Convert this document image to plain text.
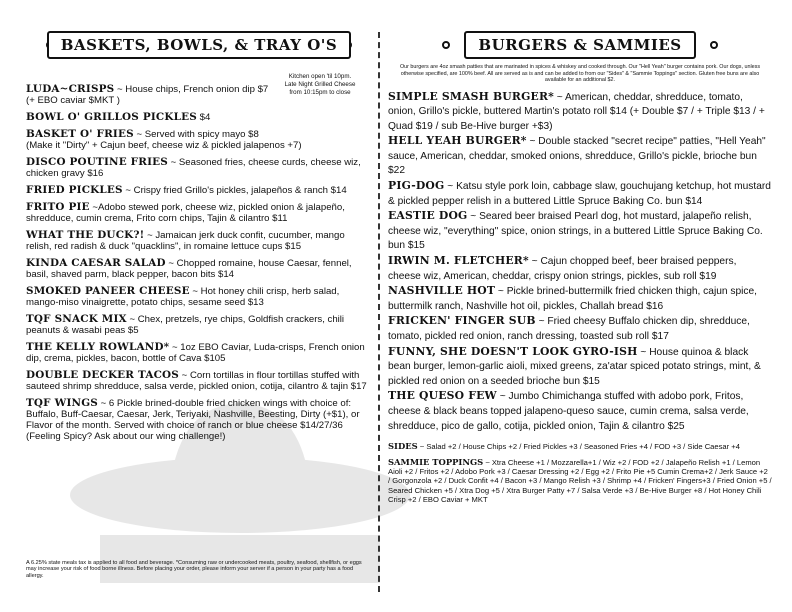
BASKETS, BOWLS, & TRAY O'S
LUDA~CRISPS ~ House chips, French onion dip $7
(+ EBO caviar $MKT )
BOWL O' GRILLOS PICKLES $4
BASKET O' FRIES ~ Served with spicy mayo $8
(Make it "Dirty" + Cajun beef, cheese wiz & pickled jalapenos +7)
DISCO POUTINE FRIES ~ Seasoned fries, cheese curds, cheese wiz, chicken gravy $16
FRIED PICKLES ~ Crispy fried Grillo's pickles, jalapeños & ranch $14
FRITO PIE ~Adobo stewed pork, cheese wiz, pickled onion & jalapeño, shredduce, cumin crema, Frito corn chips, Tajin & cilantro $11
WHAT THE DUCK?! ~ Jamaican jerk duck confit, cucumber, mango relish, red radish & duck "quacklins", in romaine lettuce cups $15
KINDA CAESAR SALAD ~ Chopped romaine, house Caesar, fennel, basil, shaved parm, black pepper, bacon bits $14
SMOKED PANEER CHEESE ~ Hot honey chili crisp, herb salad, mango-miso vinaigrette, potato chips, sesame seed $13
TQF SNACK MIX ~ Chex, pretzels, rye chips, Goldfish crackers, chili peanuts & wasabi peas $5
THE KELLY ROWLAND* ~ 1oz EBO Caviar, Luda-crisps, French onion dip, crema, pickles, bacon, bottle of Cava $105
DOUBLE DECKER TACOS ~ Corn tortillas in flour tortillas stuffed with sauteed shrimp shredduce, salsa verde, pickled onion, cotija, cilantro & tajin $17
TQF WINGS ~ 6 Pickle brined-double fried chicken wings with choice of: Buffalo, Buff-Caesar, Caesar, Jerk, Teriyaki, Nashville, Beesting, Dirty (+$1), or Flavor of the month. Served with choice of ranch or blue cheese $14/27/36
(Feeling Spicy? Ask about our wing challenge!)
Kitchen open 'til 10pm.
Late Night Grilled Cheese
from 10:15pm to close
A 6.25% state meals tax is applied to all food and beverage. *Consuming raw or undercooked meats, poultry, seafood, shellfish, or eggs may increase your risk of food borne illness. Before placing your order, please inform your server if a person in your party has a food allergy.
BURGERS & SAMMIES
Our burgers are 4oz smash patties that are marinated in spices & whiskey and cooked through. Our "Hell Yeah" burger contains pork. Our dogs, unless otherwise specified, are 100% beef. All are served as is and can be added to from our "Sides" & "Sammie Toppings" section. Gluten free buns are also available for an additional $2.
SIMPLE SMASH BURGER* ~ American, cheddar, shredduce, tomato, onion, Grillo's pickle, buttered Martin's potato roll $14 (+ Double $7 / + Triple $13 / + Quad $19 / sub Be-Hive burger +$3)
HELL YEAH BURGER* ~ Double stacked "secret recipe" patties, "Hell Yeah" sauce, American, cheddar, smoked onions, shredduce, Grillo's pickle, brioche bun $22
PIG-DOG ~ Katsu style pork loin, cabbage slaw, gouchujang ketchup, hot mustard & pickled pepper relish in a buttered Little Spruce Baking Co. bun $14
EASTIE DOG ~ Seared beer braised Pearl dog, hot mustard, jalapeño relish, cheese wiz, "everything" spice, onion strings, in a buttered Little Spruce Baking Co. bun $15
IRWIN M. FLETCHER* ~ Cajun chopped beef, beer braised peppers, cheese wiz, American, cheddar, crispy onion strings, pickles, sub roll $19
NASHVILLE HOT ~ Pickle brined-buttermilk fried chicken thigh, cajun spice, buttermilk ranch, Nashville hot oil, pickles, Challah bread $16
FRICKEN' FINGER SUB ~ Fried cheesy Buffalo chicken dip, shredduce, tomato, pickled red onion, ranch dressing, toasted sub roll $17
FUNNY, SHE DOESN'T LOOK GYRO-ISH ~ House quinoa & black bean burger, lemon-garlic aioli, mixed greens, za'atar spiced potato strings, mint, & pickled red onion on a seeded brioche bun $15
THE QUESO FEW ~ Jumbo Chimichanga stuffed with adobo pork, Fritos, cheese & black beans topped jalapeno-queso sauce, cumin crema, salsa verde, shredduce, pico de gallo, cotija, pickled onion, Tajin & cilantro $25
SIDES ~ Salad +2 / House Chips +2 / Fried Pickles +3 / Seasoned Fries +4 / FOD +3 / Side Caesar +4
SAMMIE TOPPINGS ~ Xtra Cheese +1 / Mozzarella+1 / Wiz +2 / FOD +2 / Jalapeño Relish +1 / Lemon Aioli +2 / Fritos +2 / Adobo Pork +3 / Caesar Dressing +2 / Egg +2 / Frito Pie +5 Cumin Crema+2 / Jerk Sauce +2 / Gorgonzola +2 / Duck Confit +4 / Bacon +3 / Mango Relish +3 / Shrimp +4 / Fricken' Fingers+3 / Fried Onion +5 / Seared Chicken +5 / Xtra Dog +5 / Xtra Burger Patty +7 / Salsa Verde +3 / Be-Hive Burger +8 / Hot Honey Chili Crisp +2 / EBO Caviar + MKT
